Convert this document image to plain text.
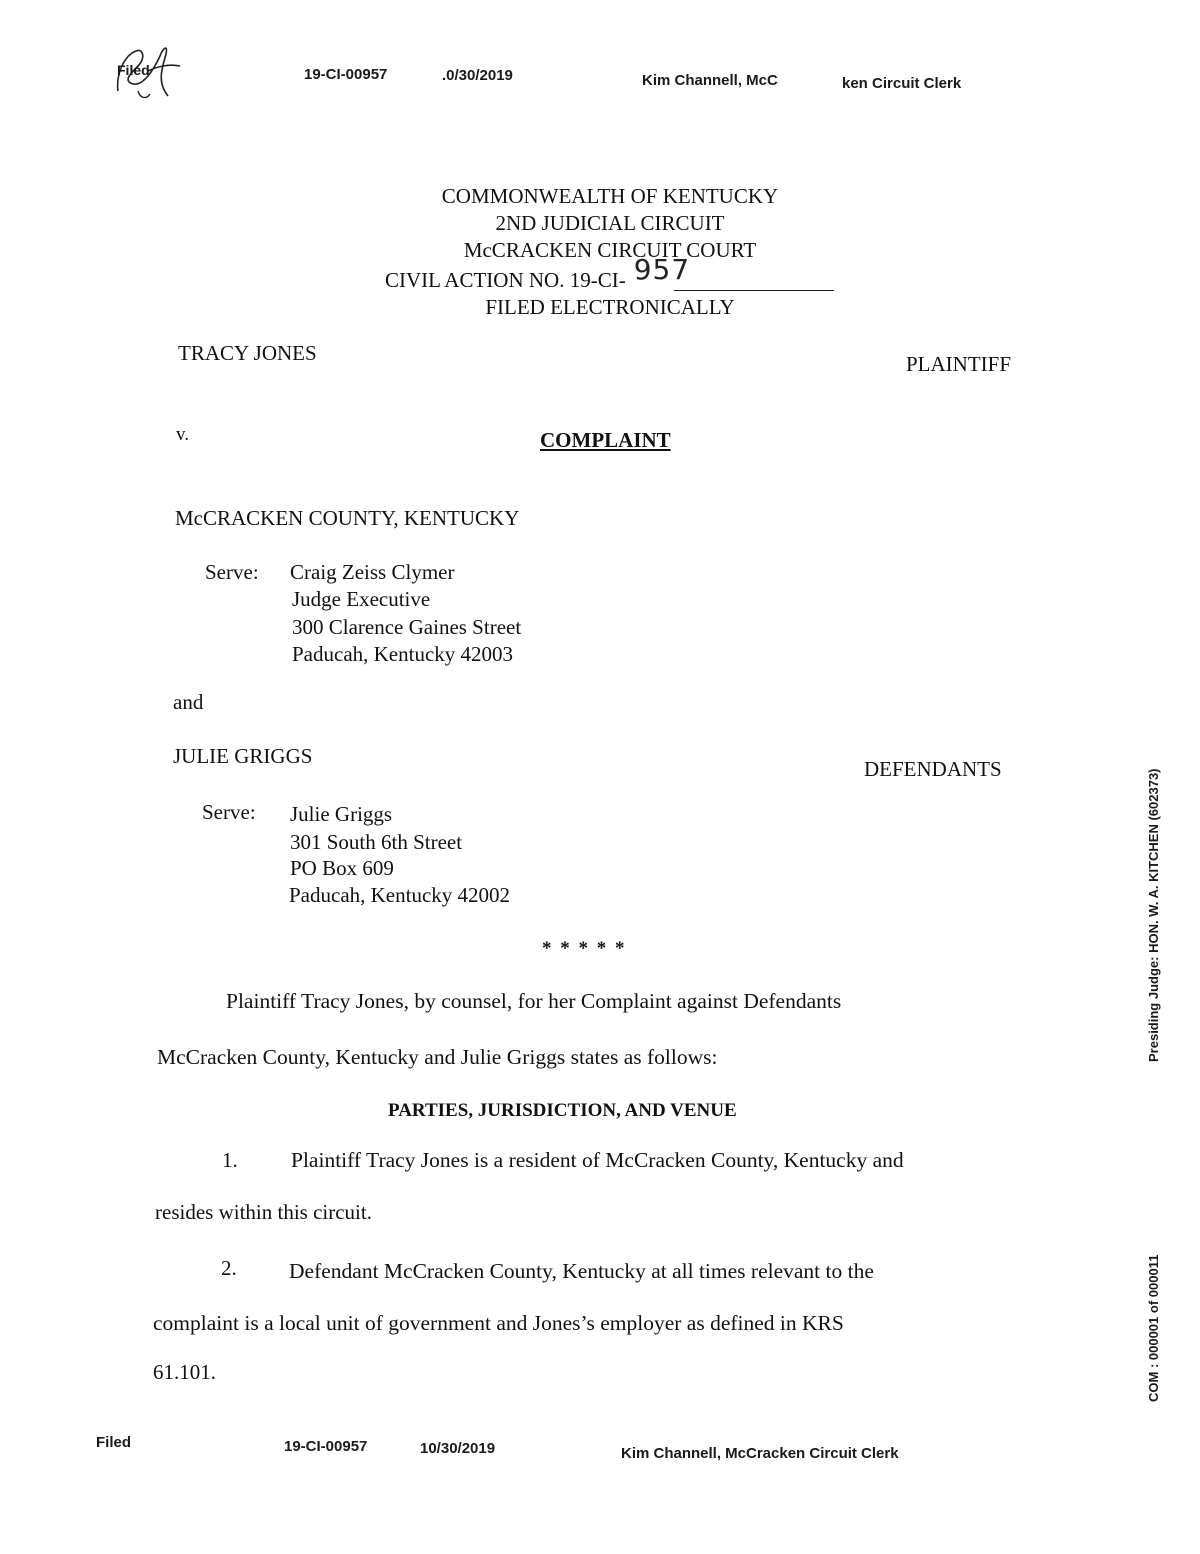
Filed	19-CI-00957	.0/30/2019	Kim Channell, McC	ken Circuit Clerk
COMMONWEALTH OF KENTUCKY
2ND JUDICIAL CIRCUIT
McCRACKEN CIRCUIT COURT
CIVIL ACTION NO. 19-CI- 957
FILED ELECTRONICALLY
TRACY JONES	PLAINTIFF
v.	COMPLAINT
McCRACKEN COUNTY, KENTUCKY
Serve: Craig Zeiss Clymer
Judge Executive
300 Clarence Gaines Street
Paducah, Kentucky 42003
and
JULIE GRIGGS
DEFENDANTS
Serve: Julie Griggs
301 South 6th Street
PO Box 609
Paducah, Kentucky 42002
* * * * *
Plaintiff Tracy Jones, by counsel, for her Complaint against Defendants
McCracken County, Kentucky and Julie Griggs states as follows:
PARTIES, JURISDICTION, AND VENUE
1. Plaintiff Tracy Jones is a resident of McCracken County, Kentucky and
resides within this circuit.
2. Defendant McCracken County, Kentucky at all times relevant to the
complaint is a local unit of government and Jones’s employer as defined in KRS
61.101.
Presiding Judge: HON. W. A. KITCHEN (602373)
COM : 000001 of 000011
Filed	19-CI-00957	10/30/2019	Kim Channell, McCracken Circuit Clerk
